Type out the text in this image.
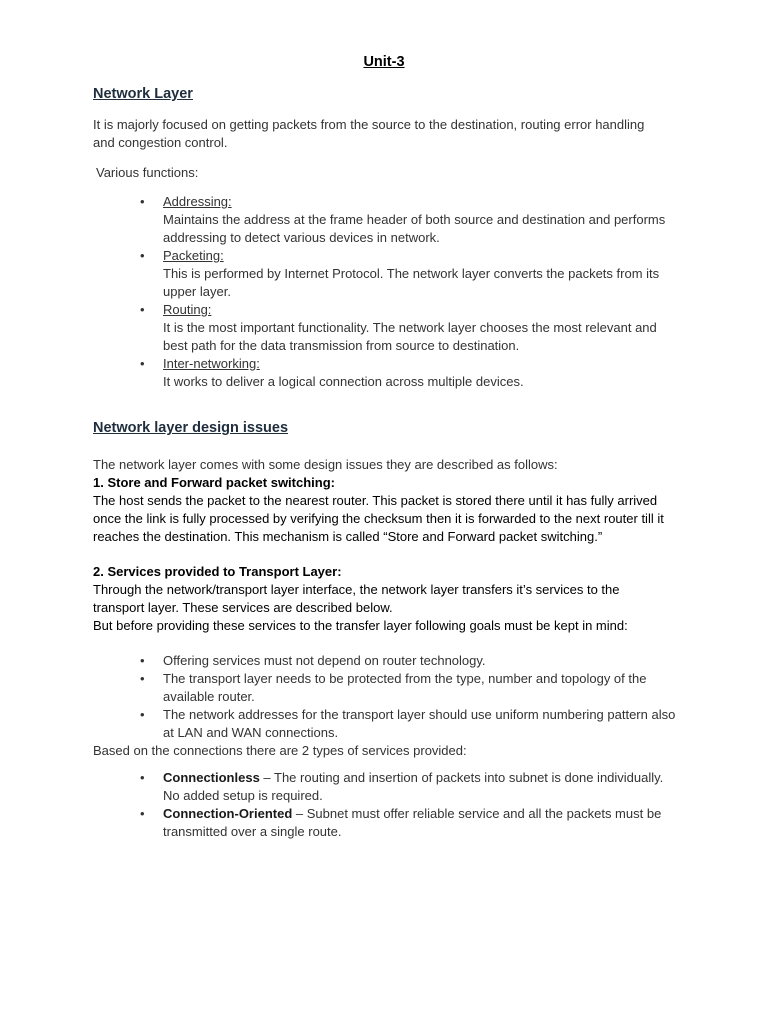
Unit-3
Network Layer
It is majorly focused on getting packets from the source to the destination, routing error handling and congestion control.
Various functions:
• Addressing:
Maintains the address at the frame header of both source and destination and performs addressing to detect various devices in network.
• Packeting:
This is performed by Internet Protocol. The network layer converts the packets from its upper layer.
• Routing:
It is the most important functionality. The network layer chooses the most relevant and best path for the data transmission from source to destination.
• Inter-networking:
It works to deliver a logical connection across multiple devices.
Network layer design issues
The network layer comes with some design issues they are described as follows:
1. Store and Forward packet switching:
The host sends the packet to the nearest router. This packet is stored there until it has fully arrived once the link is fully processed by verifying the checksum then it is forwarded to the next router till it reaches the destination. This mechanism is called “Store and Forward packet switching.”
2. Services provided to Transport Layer:
Through the network/transport layer interface, the network layer transfers it’s services to the transport layer. These services are described below.
But before providing these services to the transfer layer following goals must be kept in mind:
• Offering services must not depend on router technology.
• The transport layer needs to be protected from the type, number and topology of the available router.
• The network addresses for the transport layer should use uniform numbering pattern also at LAN and WAN connections.
Based on the connections there are 2 types of services provided:
• Connectionless – The routing and insertion of packets into subnet is done individually. No added setup is required.
• Connection-Oriented – Subnet must offer reliable service and all the packets must be transmitted over a single route.
